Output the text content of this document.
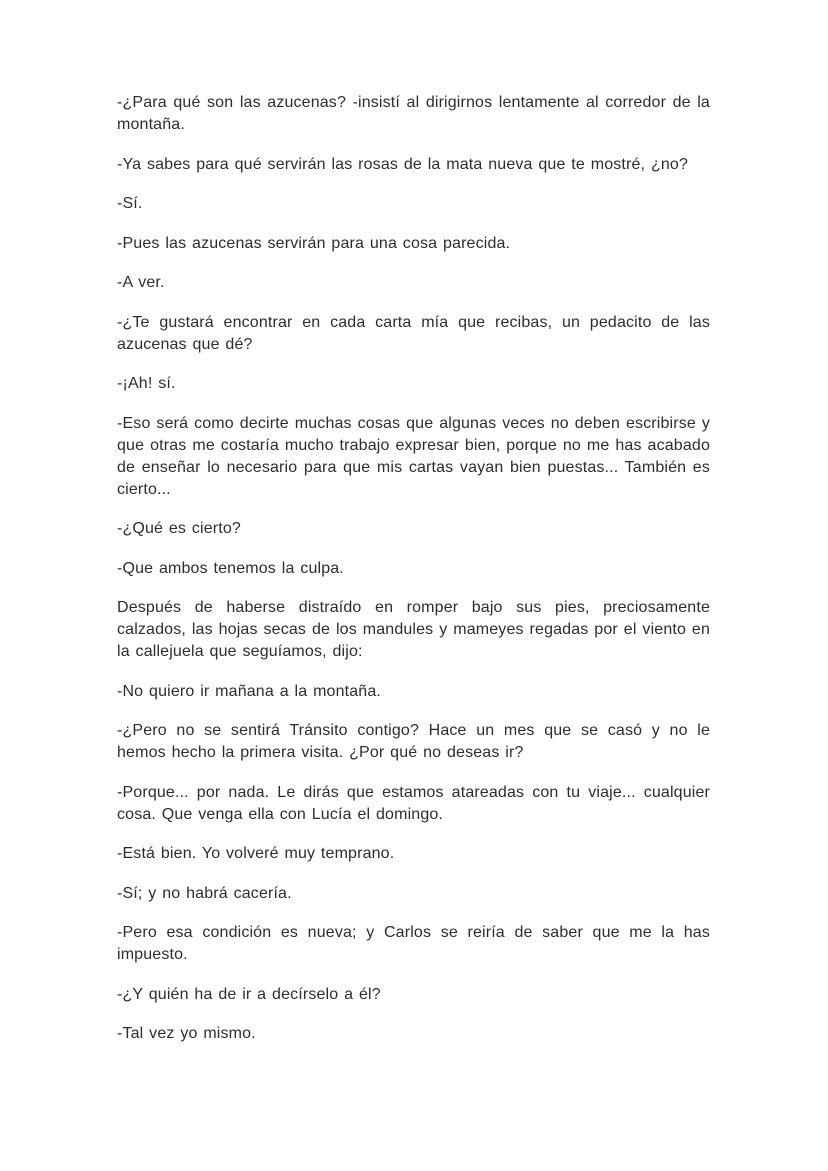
-¿Para qué son las azucenas? -insistí al dirigirnos lentamente al corredor de la montaña.

-Ya sabes para qué servirán las rosas de la mata nueva que te mostré, ¿no?

-Sí.

-Pues las azucenas servirán para una cosa parecida.

-A ver.

-¿Te gustará encontrar en cada carta mía que recibas, un pedacito de las azucenas que dé?

-¡Ah! sí.

-Eso será como decirte muchas cosas que algunas veces no deben escribirse y que otras me costaría mucho trabajo expresar bien, porque no me has acabado de enseñar lo necesario para que mis cartas vayan bien puestas... También es cierto...

-¿Qué es cierto?

-Que ambos tenemos la culpa.

Después de haberse distraído en romper bajo sus pies, preciosamente calzados, las hojas secas de los mandules y mameyes regadas por el viento en la callejuela que seguíamos, dijo:

-No quiero ir mañana a la montaña.

-¿Pero no se sentirá Tránsito contigo? Hace un mes que se casó y no le hemos hecho la primera visita. ¿Por qué no deseas ir?

-Porque... por nada. Le dirás que estamos atareadas con tu viaje... cualquier cosa. Que venga ella con Lucía el domingo.

-Está bien. Yo volveré muy temprano.

-Sí; y no habrá cacería.

-Pero esa condición es nueva; y Carlos se reiría de saber que me la has impuesto.

-¿Y quién ha de ir a decírselo a él?

-Tal vez yo mismo.
